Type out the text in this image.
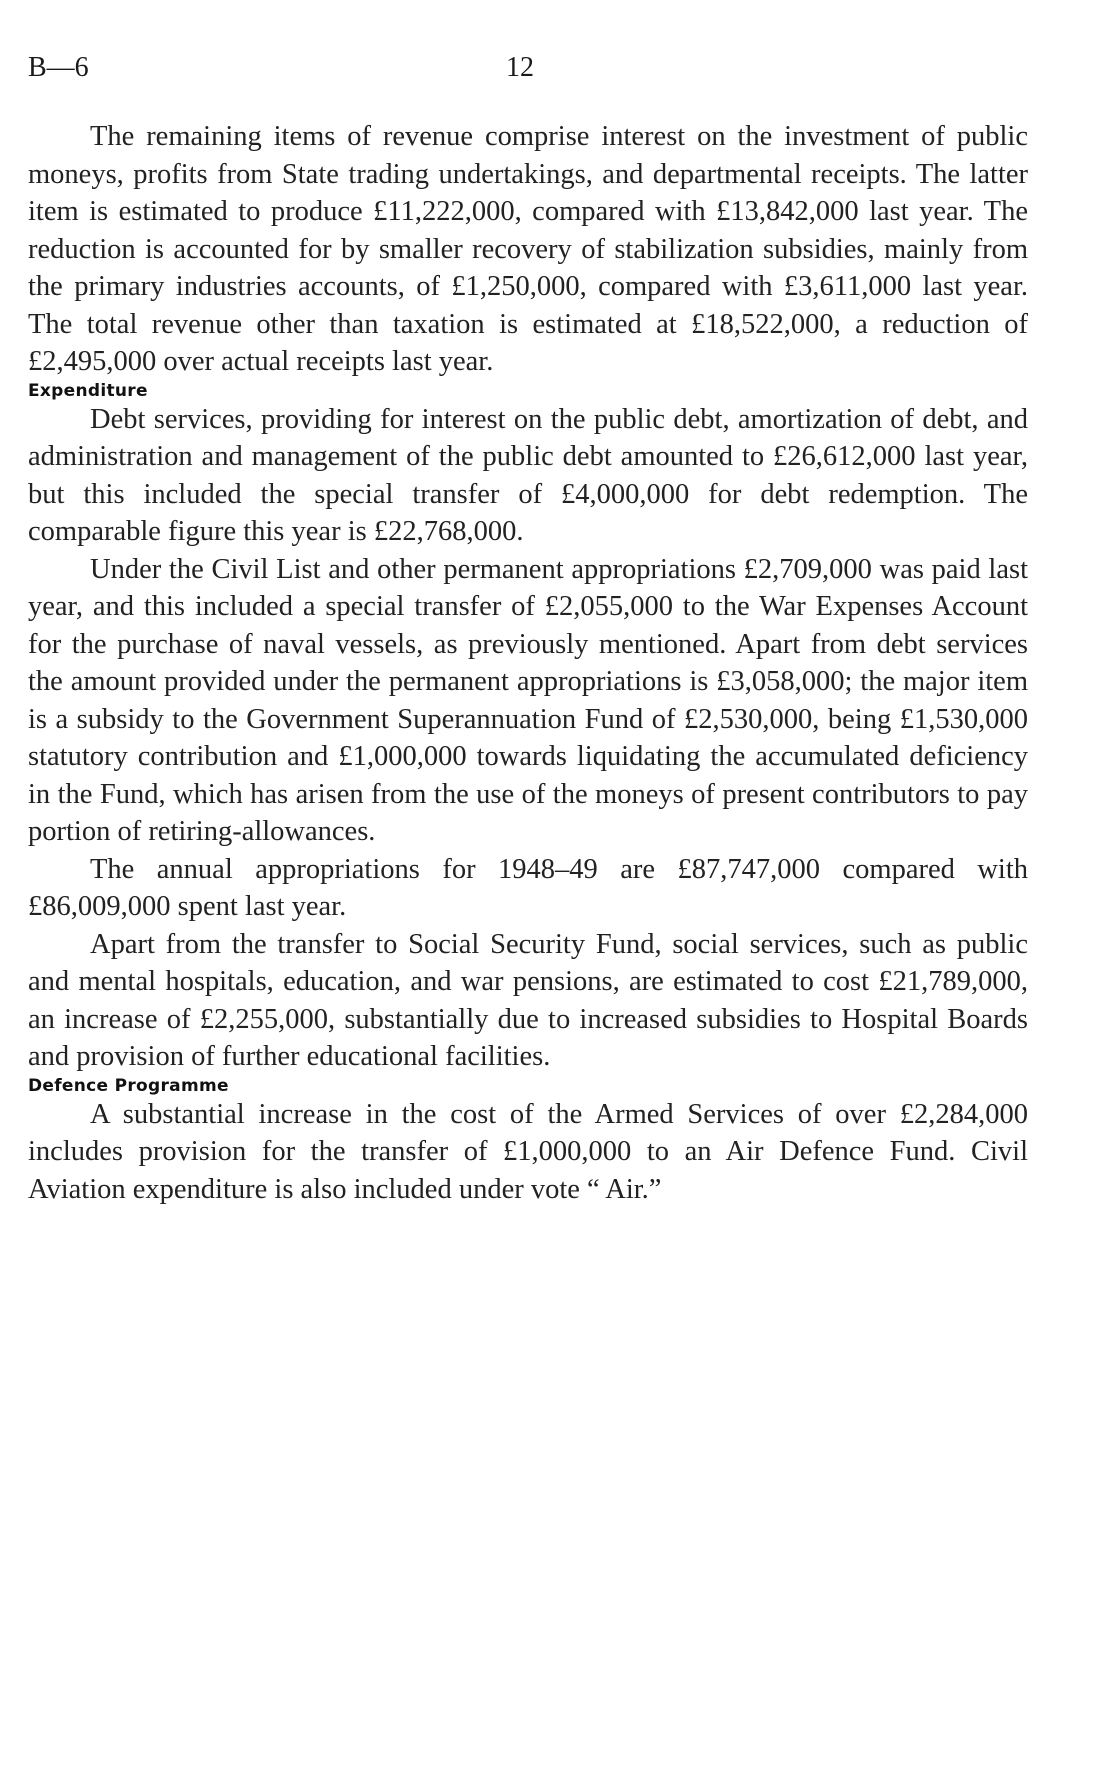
B—6	12

The remaining items of revenue comprise interest on the investment of public moneys, profits from State trading undertakings, and departmental receipts. The latter item is estimated to produce £11,222,000, compared with £13,842,000 last year. The reduction is accounted for by smaller recovery of stabilization subsidies, mainly from the primary industries accounts, of £1,250,000, compared with £3,611,000 last year. The total revenue other than taxation is estimated at £18,522,000, a reduction of £2,495,000 over actual receipts last year.

Expenditure

Debt services, providing for interest on the public debt, amortization of debt, and administration and management of the public debt amounted to £26,612,000 last year, but this included the special transfer of £4,000,000 for debt redemption. The comparable figure this year is £22,768,000.

Under the Civil List and other permanent appropriations £2,709,000 was paid last year, and this included a special transfer of £2,055,000 to the War Expenses Account for the purchase of naval vessels, as previously mentioned. Apart from debt services the amount provided under the permanent appropriations is £3,058,000; the major item is a subsidy to the Government Superannuation Fund of £2,530,000, being £1,530,000 statutory contribution and £1,000,000 towards liquidating the accumulated deficiency in the Fund, which has arisen from the use of the moneys of present contributors to pay portion of retiring-allowances.

The annual appropriations for 1948–49 are £87,747,000 compared with £86,009,000 spent last year.

Apart from the transfer to Social Security Fund, social services, such as public and mental hospitals, education, and war pensions, are estimated to cost £21,789,000, an increase of £2,255,000, substantially due to increased subsidies to Hospital Boards and provision of further educational facilities.

Defence Programme

A substantial increase in the cost of the Armed Services of over £2,284,000 includes provision for the transfer of £1,000,000 to an Air Defence Fund. Civil Aviation expenditure is also included under vote “ Air.”
